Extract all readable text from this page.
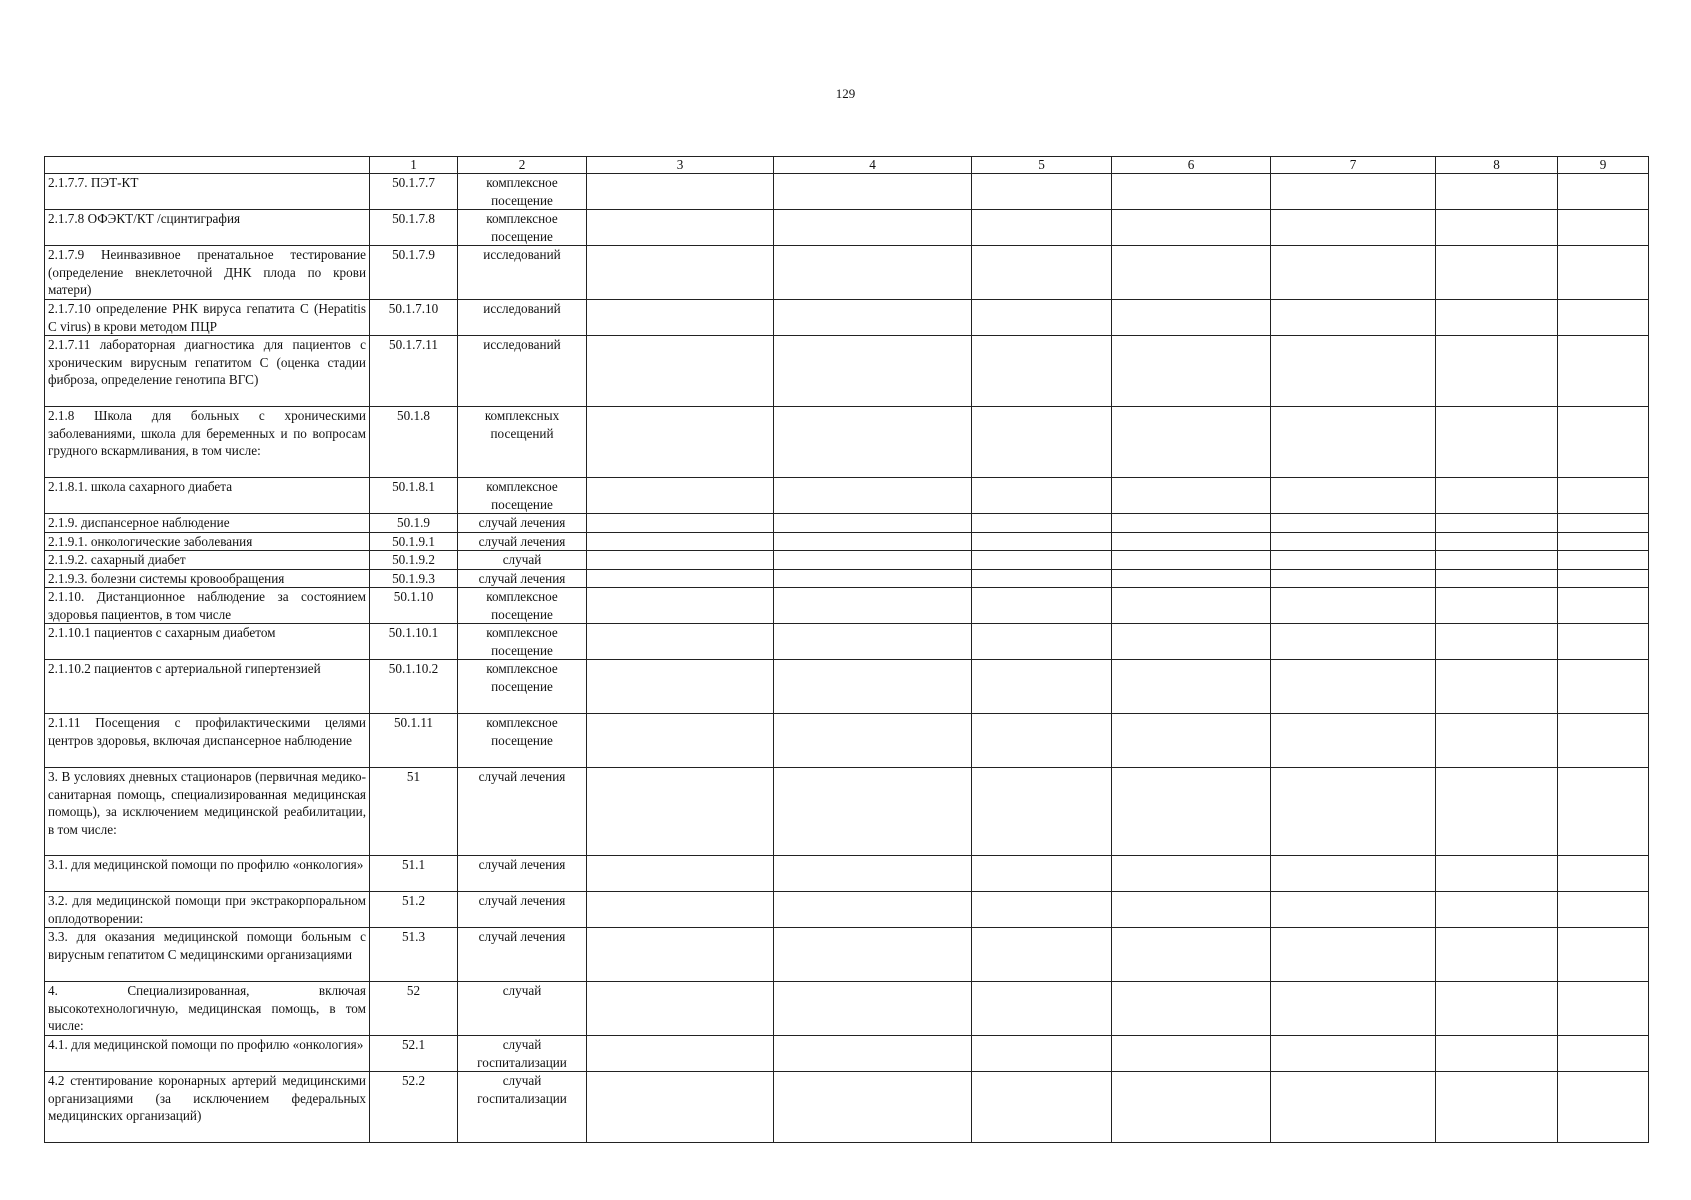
129
	1	2	3	4	5	6	7	8	9
2.1.7.7. ПЭТ-КТ	50.1.7.7	комплексное посещение							
2.1.7.8 ОФЭКТ/КТ /сцинтиграфия	50.1.7.8	комплексное посещение							
2.1.7.9 Неинвазивное пренатальное тестирование (определение внеклеточной ДНК плода по крови матери)	50.1.7.9	исследований							
2.1.7.10 определение РНК вируса гепатита С (Hepatitis C virus) в крови методом ПЦР	50.1.7.10	исследований							
2.1.7.11 лабораторная диагностика для пациентов с хроническим вирусным гепатитом С (оценка стадии фиброза, определение генотипа ВГС)	50.1.7.11	исследований							
2.1.8 Школа для больных с хроническими заболеваниями, школа для беременных и по вопросам грудного вскармливания, в том числе:	50.1.8	комплексных посещений							
2.1.8.1. школа сахарного диабета	50.1.8.1	комплексное посещение							
2.1.9. диспансерное наблюдение	50.1.9	случай лечения							
2.1.9.1. онкологические заболевания	50.1.9.1	случай лечения							
2.1.9.2. сахарный диабет	50.1.9.2	случай							
2.1.9.3. болезни системы кровообращения	50.1.9.3	случай лечения							
2.1.10. Дистанционное наблюдение за состоянием здоровья пациентов, в том числе	50.1.10	комплексное посещение							
2.1.10.1 пациентов с сахарным диабетом	50.1.10.1	комплексное посещение							
2.1.10.2 пациентов с артериальной гипертензией	50.1.10.2	комплексное посещение							
2.1.11 Посещения с профилактическими целями центров здоровья, включая диспансерное наблюдение	50.1.11	комплексное посещение							
3. В условиях дневных стационаров (первичная медико-санитарная помощь, специализированная медицинская помощь), за исключением медицинской реабилитации, в том числе:	51	случай лечения							
3.1. для медицинской помощи по профилю «онкология»	51.1	случай лечения							
3.2. для медицинской помощи при экстракорпоральном оплодотворении:	51.2	случай лечения							
3.3. для оказания медицинской помощи больным с вирусным гепатитом С медицинскими организациями	51.3	случай лечения							
4. Специализированная, включая высокотехнологичную, медицинская помощь, в том числе:	52	случай							
4.1. для медицинской помощи по профилю «онкология»	52.1	случай госпитализации							
4.2 стентирование коронарных артерий медицинскими организациями (за исключением федеральных медицинских организаций)	52.2	случай госпитализации							
